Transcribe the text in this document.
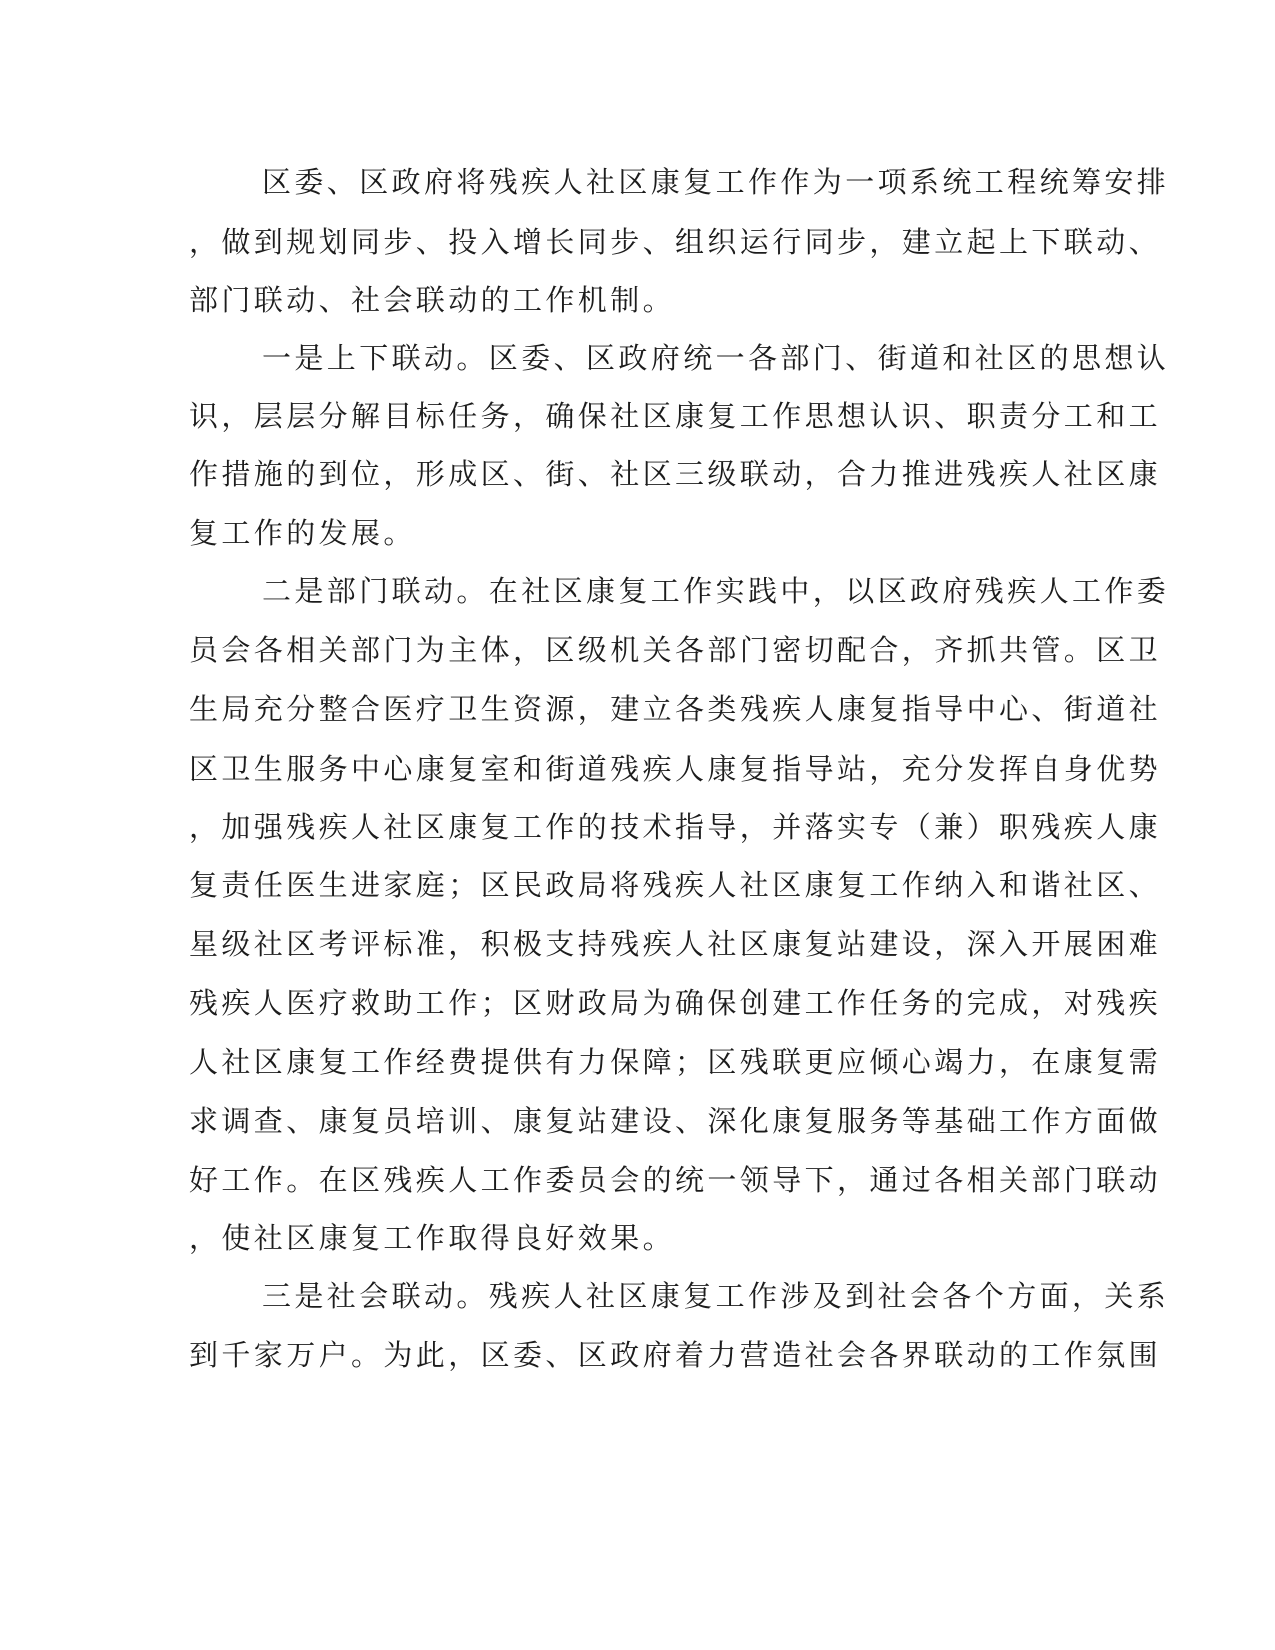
区委、区政府将残疾人社区康复工作作为一项系统工程统筹安排
，做到规划同步、投入增长同步、组织运行同步，建立起上下联动、
部门联动、社会联动的工作机制。
一是上下联动。区委、区政府统一各部门、街道和社区的思想认
识，层层分解目标任务，确保社区康复工作思想认识、职责分工和工
作措施的到位，形成区、街、社区三级联动，合力推进残疾人社区康
复工作的发展。
二是部门联动。在社区康复工作实践中，以区政府残疾人工作委
员会各相关部门为主体，区级机关各部门密切配合，齐抓共管。区卫
生局充分整合医疗卫生资源，建立各类残疾人康复指导中心、街道社
区卫生服务中心康复室和街道残疾人康复指导站，充分发挥自身优势
，加强残疾人社区康复工作的技术指导，并落实专（兼）职残疾人康
复责任医生进家庭；区民政局将残疾人社区康复工作纳入和谐社区、
星级社区考评标准，积极支持残疾人社区康复站建设，深入开展困难
残疾人医疗救助工作；区财政局为确保创建工作任务的完成，对残疾
人社区康复工作经费提供有力保障；区残联更应倾心竭力，在康复需
求调查、康复员培训、康复站建设、深化康复服务等基础工作方面做
好工作。在区残疾人工作委员会的统一领导下，通过各相关部门联动
，使社区康复工作取得良好效果。
三是社会联动。残疾人社区康复工作涉及到社会各个方面，关系
到千家万户。为此，区委、区政府着力营造社会各界联动的工作氛围
